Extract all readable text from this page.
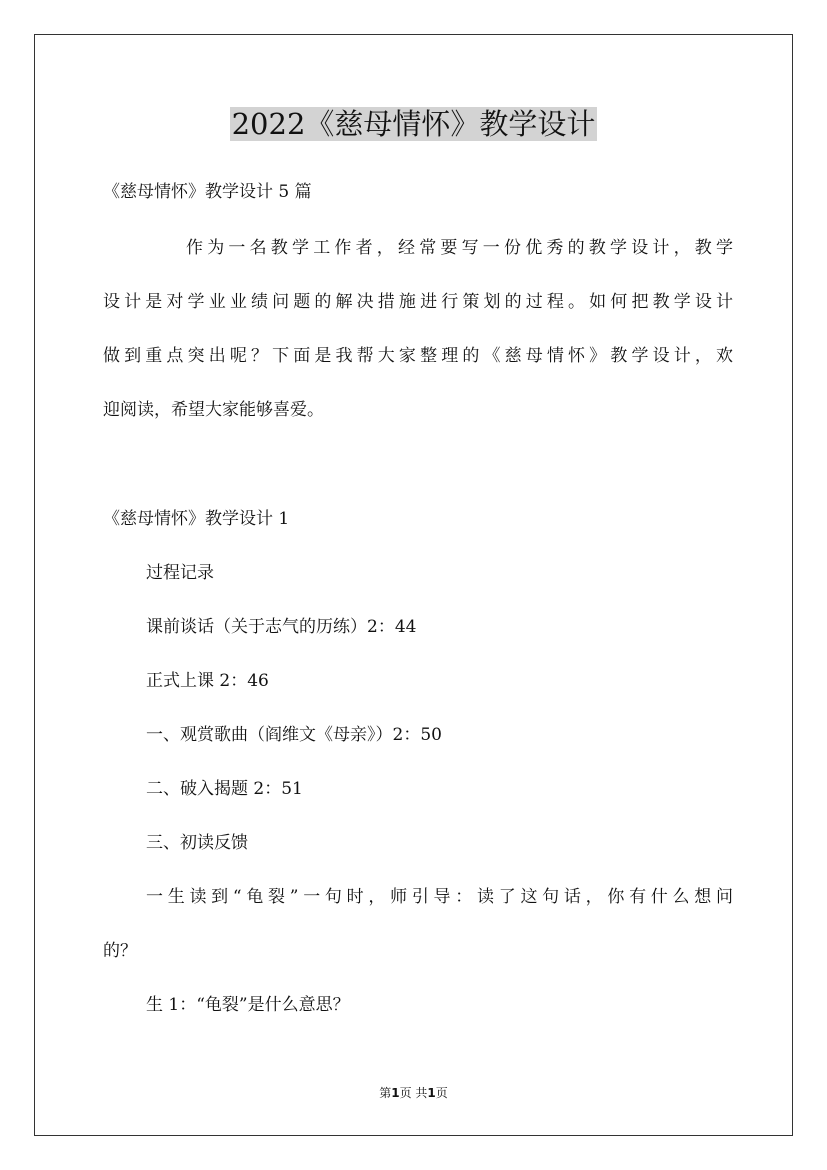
2022《慈母情怀》教学设计

《慈母情怀》教学设计 5 篇

作为一名教学工作者，经常要写一份优秀的教学设计，教学

设计是对学业业绩问题的解决措施进行策划的过程。如何把教学设计

做到重点突出呢？下面是我帮大家整理的《慈母情怀》教学设计，欢

迎阅读，希望大家能够喜爱。

《慈母情怀》教学设计 1

过程记录

课前谈话（关于志气的历练）2：44

正式上课 2：46

一、观赏歌曲（阎维文《母亲》）2：50

二、破入揭题 2：51

三、初读反馈

一生读到“龟裂”一句时，师引导：读了这句话，你有什么想问

的？

生 1：“龟裂”是什么意思？

第1页 共1页
